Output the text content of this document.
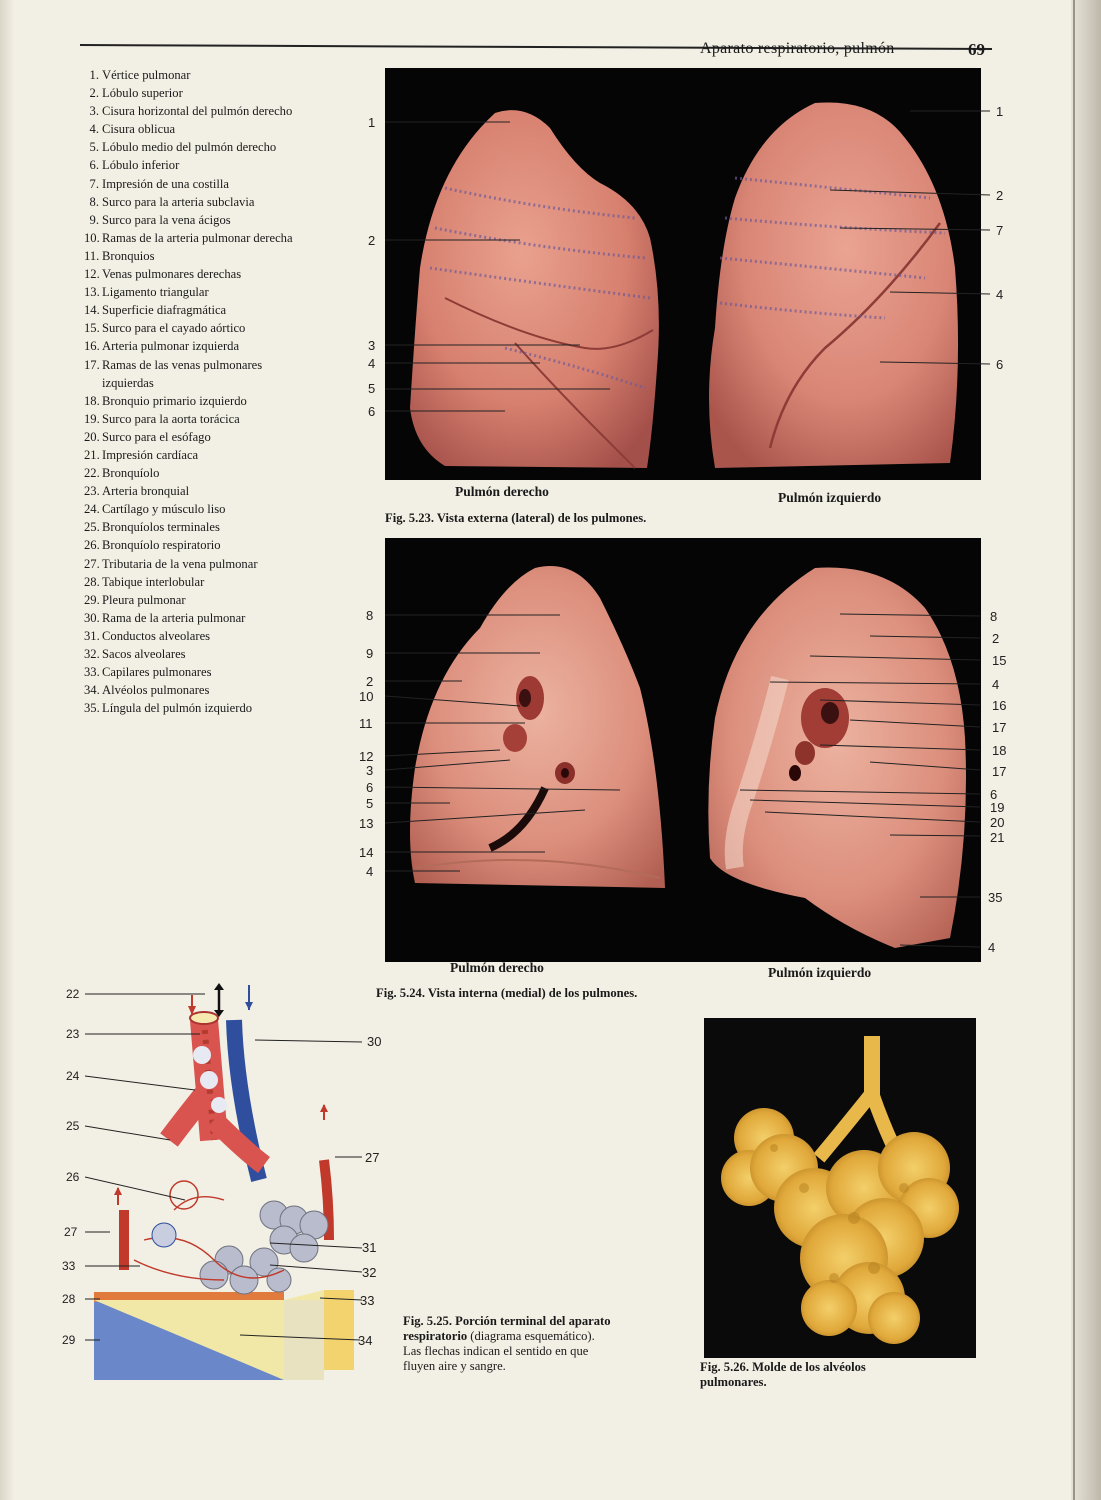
Aparato respiratorio, pulmón	69
1. Vértice pulmonar
2. Lóbulo superior
3. Cisura horizontal del pulmón derecho
4. Cisura oblicua
5. Lóbulo medio del pulmón derecho
6. Lóbulo inferior
7. Impresión de una costilla
8. Surco para la arteria subclavia
9. Surco para la vena ácigos
10. Ramas de la arteria pulmonar derecha
11. Bronquios
12. Venas pulmonares derechas
13. Ligamento triangular
14. Superficie diafragmática
15. Surco para el cayado aórtico
16. Arteria pulmonar izquierda
17. Ramas de las venas pulmonares izquierdas
18. Bronquio primario izquierdo
19. Surco para la aorta torácica
20. Surco para el esófago
21. Impresión cardíaca
22. Bronquíolo
23. Arteria bronquial
24. Cartílago y músculo liso
25. Bronquíolos terminales
26. Bronquíolo respiratorio
27. Tributaria de la vena pulmonar
28. Tabique interlobular
29. Pleura pulmonar
30. Rama de la arteria pulmonar
31. Conductos alveolares
32. Sacos alveolares
33. Capilares pulmonares
34. Alvéolos pulmonares
35. Língula del pulmón izquierdo
1
2
3
4
5
6
1
2
7
4
6
Pulmón derecho	Pulmón izquierdo
Fig. 5.23. Vista externa (lateral) de los pulmones.
8
9
2
10
11
12
3
6
5
13
14
4
8
2
15
4
16
17
18
17
6
19
20
21
35
4
Pulmón derecho	Pulmón izquierdo
Fig. 5.24. Vista interna (medial) de los pulmones.
22
23
24
25
26
27
33
28
29
30
27
31
32
33
34
Fig. 5.25. Porción terminal del aparato respiratorio (diagrama esquemático). Las flechas indican el sentido en que fluyen aire y sangre.	Fig. 5.26. Molde de los alvéolos pulmonares.
